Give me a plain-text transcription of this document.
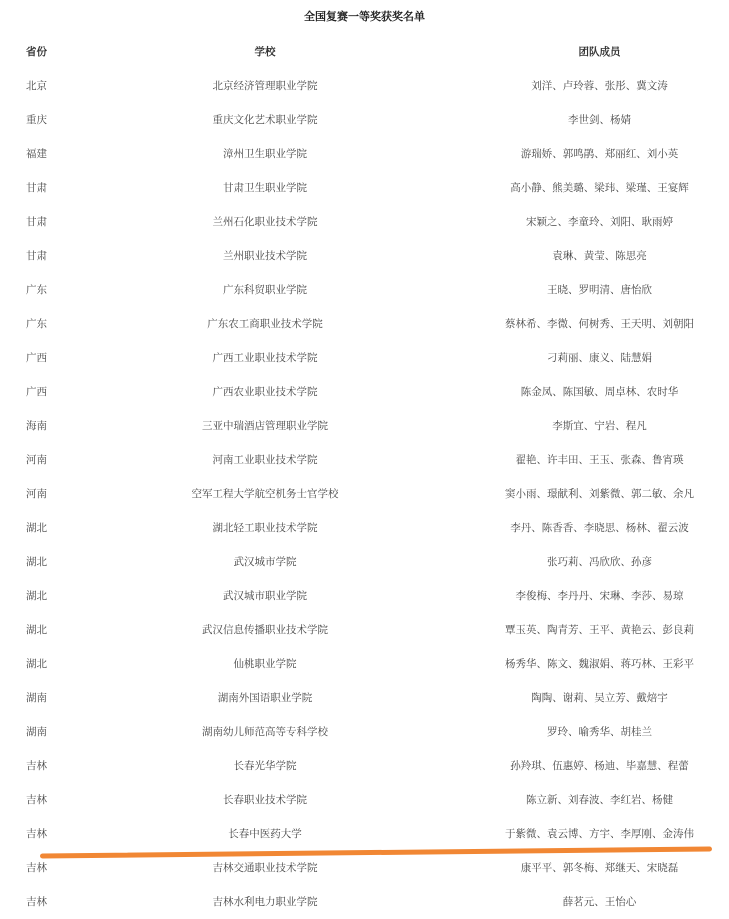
全国复赛一等奖获奖名单
省份	学校	团队成员
北京	北京经济管理职业学院	刘洋、卢玲蓉、张彤、冀文涛
重庆	重庆文化艺术职业学院	李世剑、杨婧
福建	漳州卫生职业学院	游瑞娇、郭鸣鹃、郑丽红、刘小英
甘肃	甘肃卫生职业学院	高小静、熊美璐、梁玮、梁瑾、王宴辉
甘肃	兰州石化职业技术学院	宋颖之、李童玲、刘阳、耿雨婷
甘肃	兰州职业技术学院	袁琳、黄莹、陈思亮
广东	广东科贸职业学院	王晓、罗明清、唐怡欣
广东	广东农工商职业技术学院	蔡林希、李微、何树秀、王天明、刘朝阳
广西	广西工业职业技术学院	刁莉丽、康义、陆慧娟
广西	广西农业职业技术学院	陈金凤、陈国敏、周卓林、农时华
海南	三亚中瑞酒店管理职业学院	李斯宜、宁岩、程凡
河南	河南工业职业技术学院	翟艳、许丰田、王玉、张森、鲁宵瑛
河南	空军工程大学航空机务士官学校	窦小雨、璟献利、刘紫微、郭二敏、余凡
湖北	湖北轻工职业技术学院	李丹、陈香香、李晓思、杨林、翟云波
湖北	武汉城市学院	张巧莉、冯欣欣、孙彦
湖北	武汉城市职业学院	李俊梅、李丹丹、宋琳、李莎、易琼
湖北	武汉信息传播职业技术学院	覃玉英、陶青芳、王平、黄艳云、彭良莉
湖北	仙桃职业学院	杨秀华、陈文、魏淑娟、蒋巧林、王彩平
湖南	湖南外国语职业学院	陶陶、谢莉、吴立芳、戴焙宇
湖南	湖南幼儿师范高等专科学校	罗玲、喻秀华、胡桂兰
吉林	长春光华学院	孙羚琪、伍惠婷、杨迪、毕嘉慧、程蕾
吉林	长春职业技术学院	陈立新、刘春波、李红岩、杨健
吉林	长春中医药大学	于紫微、袁云博、方宇、李厚刚、金涛伟
吉林	吉林交通职业技术学院	康平平、郭冬梅、郑继天、宋晓磊
吉林	吉林水利电力职业学院	薛茗元、王怡心
